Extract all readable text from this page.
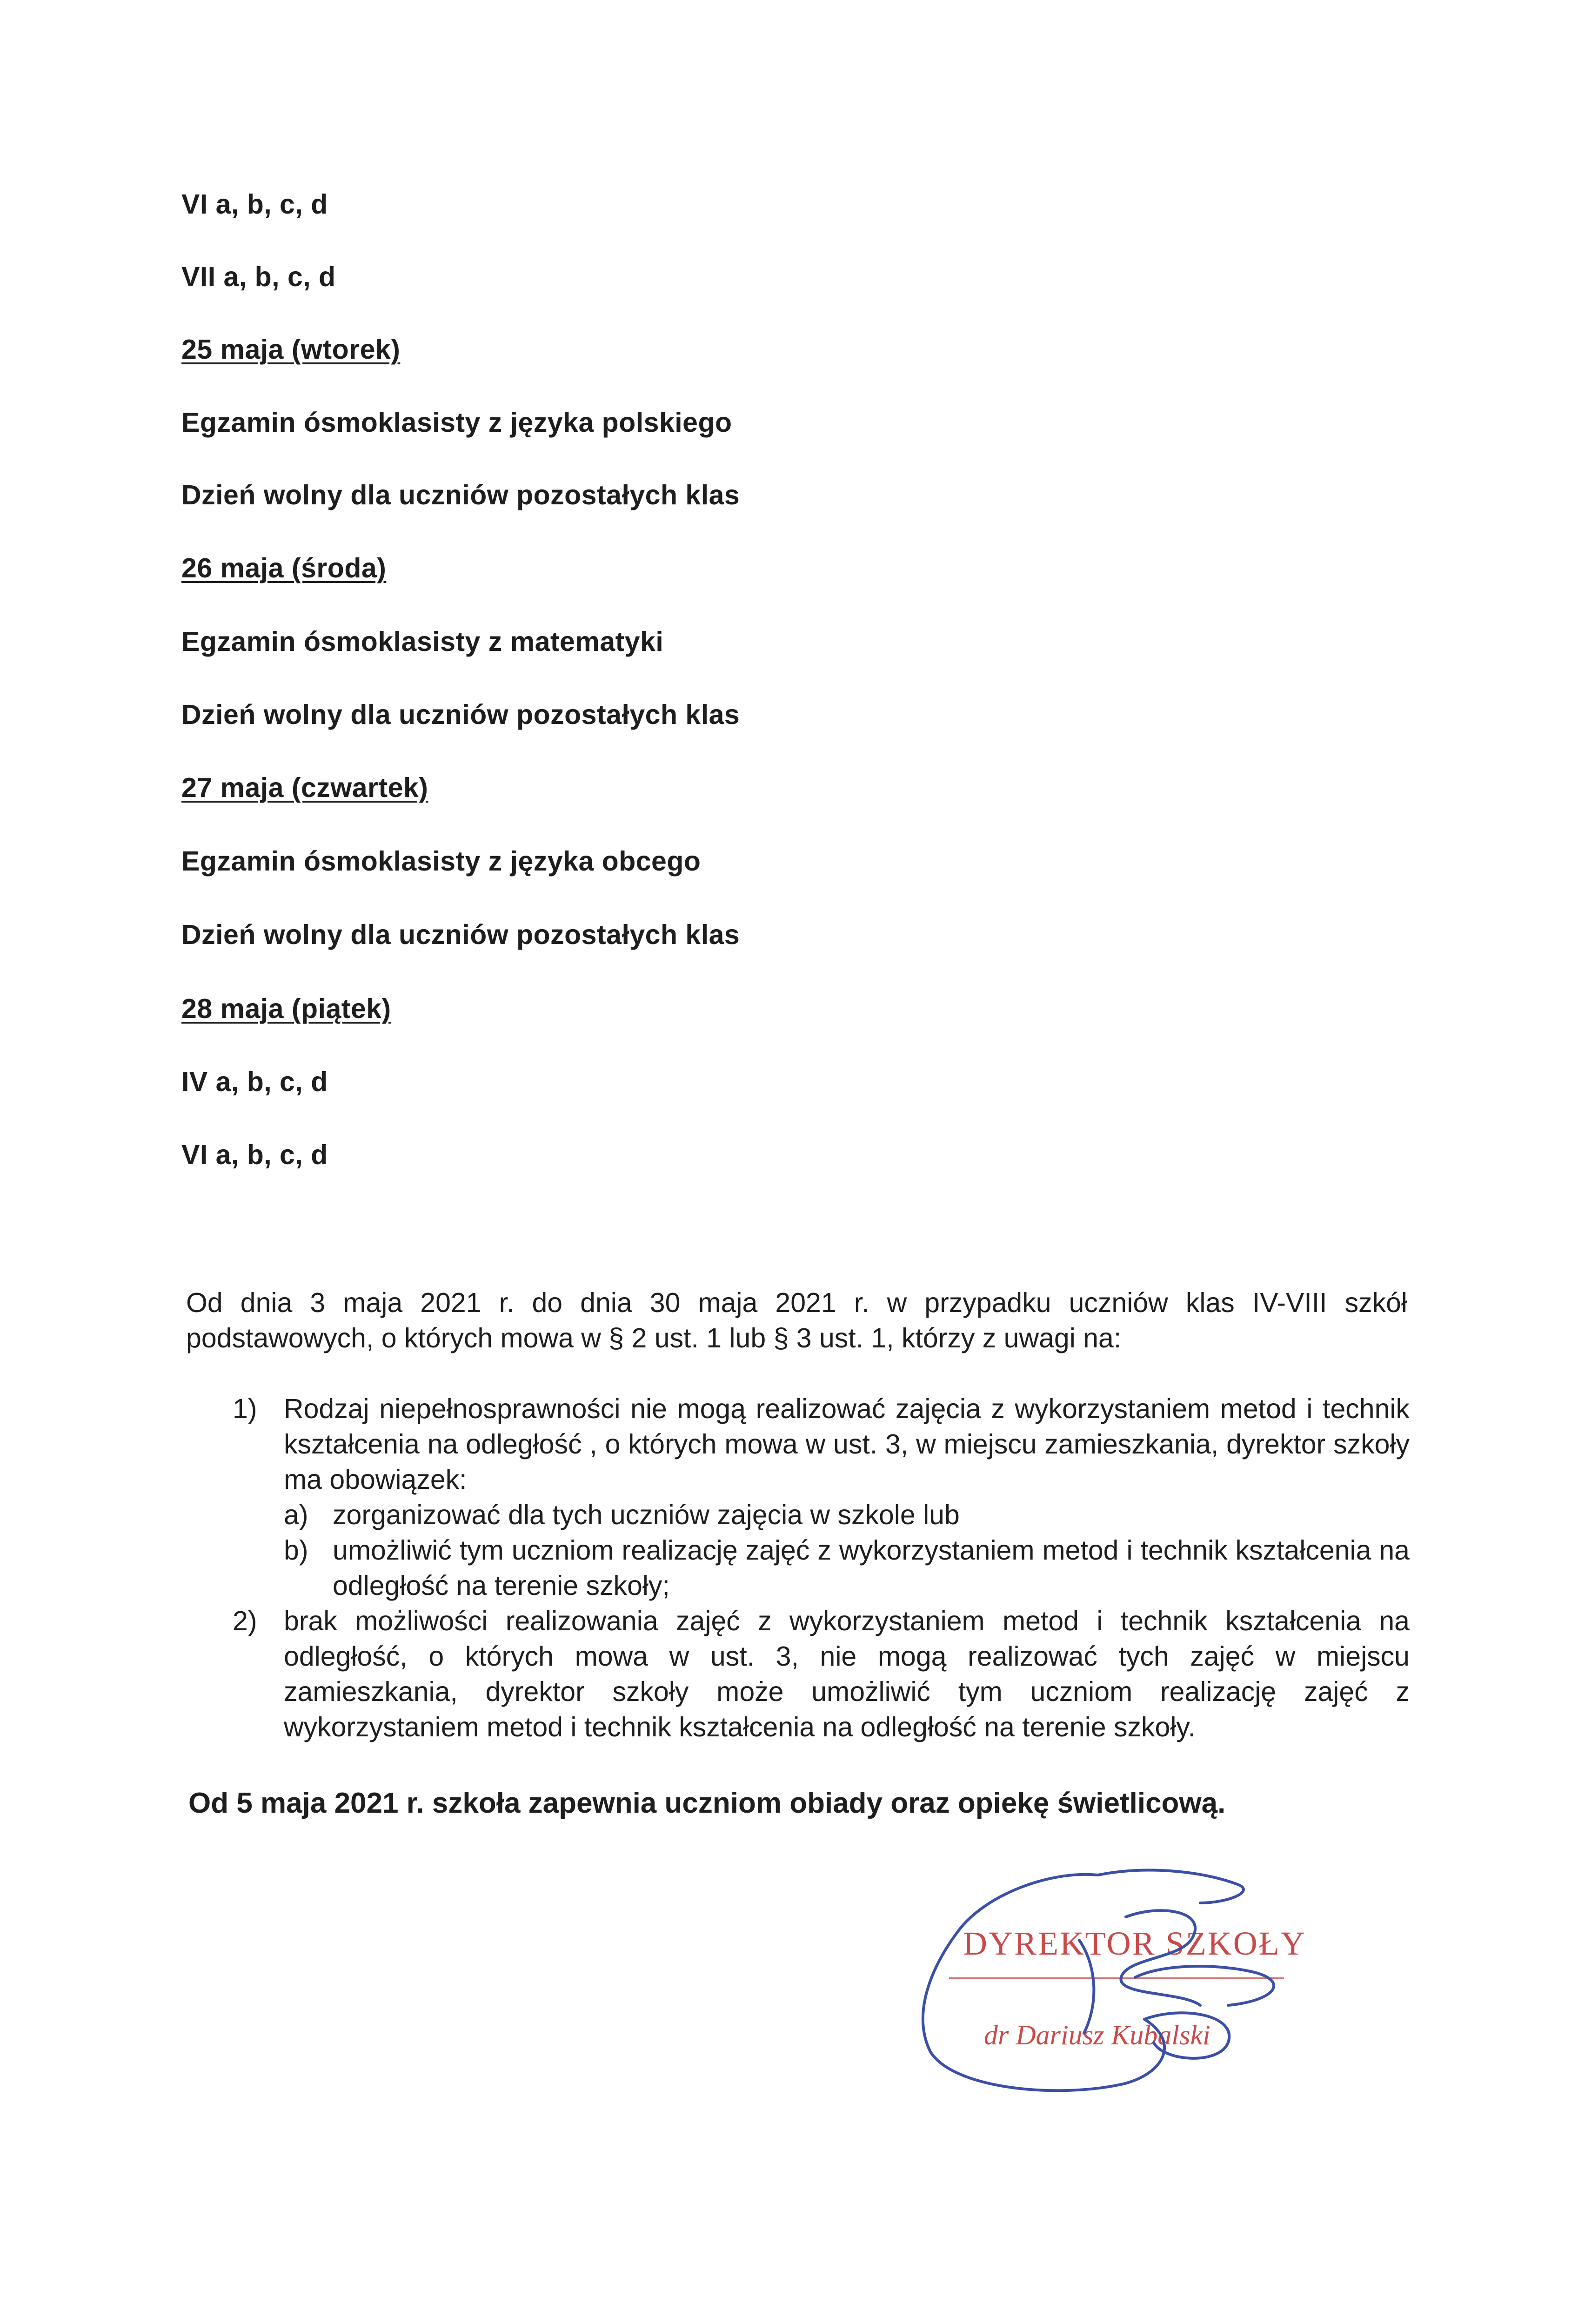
VI a, b, c, d
VII a, b, c, d
25 maja (wtorek)
Egzamin ósmoklasisty z języka polskiego
Dzień wolny dla uczniów pozostałych klas
26 maja (środa)
Egzamin ósmoklasisty z matematyki
Dzień wolny dla uczniów pozostałych klas
27 maja (czwartek)
Egzamin ósmoklasisty z języka obcego
Dzień wolny dla uczniów pozostałych klas
28 maja (piątek)
IV a, b, c, d
VI a, b, c, d
Od dnia 3 maja 2021 r. do dnia 30 maja 2021 r. w przypadku uczniów klas IV-VIII szkół podstawowych, o których mowa w § 2 ust. 1 lub § 3 ust. 1, którzy z uwagi na:
1) Rodzaj niepełnosprawności nie mogą realizować zajęcia z wykorzystaniem metod i technik kształcenia na odległość , o których mowa w ust. 3, w miejscu zamieszkania, dyrektor szkoły ma obowiązek:
a) zorganizować dla tych uczniów zajęcia w szkole lub
b) umożliwić tym uczniom realizację zajęć z wykorzystaniem metod i technik kształcenia na odległość na terenie szkoły;
2) brak możliwości realizowania zajęć z wykorzystaniem metod i technik kształcenia na odległość, o których mowa w ust. 3, nie mogą realizować tych zajęć w miejscu zamieszkania, dyrektor szkoły może umożliwić tym uczniom realizację zajęć z wykorzystaniem metod i technik kształcenia na odległość na terenie szkoły.
Od 5 maja 2021 r. szkoła zapewnia uczniom obiady oraz opiekę świetlicową.
DYREKTOR SZKOŁY
dr Dariusz Kubalski
